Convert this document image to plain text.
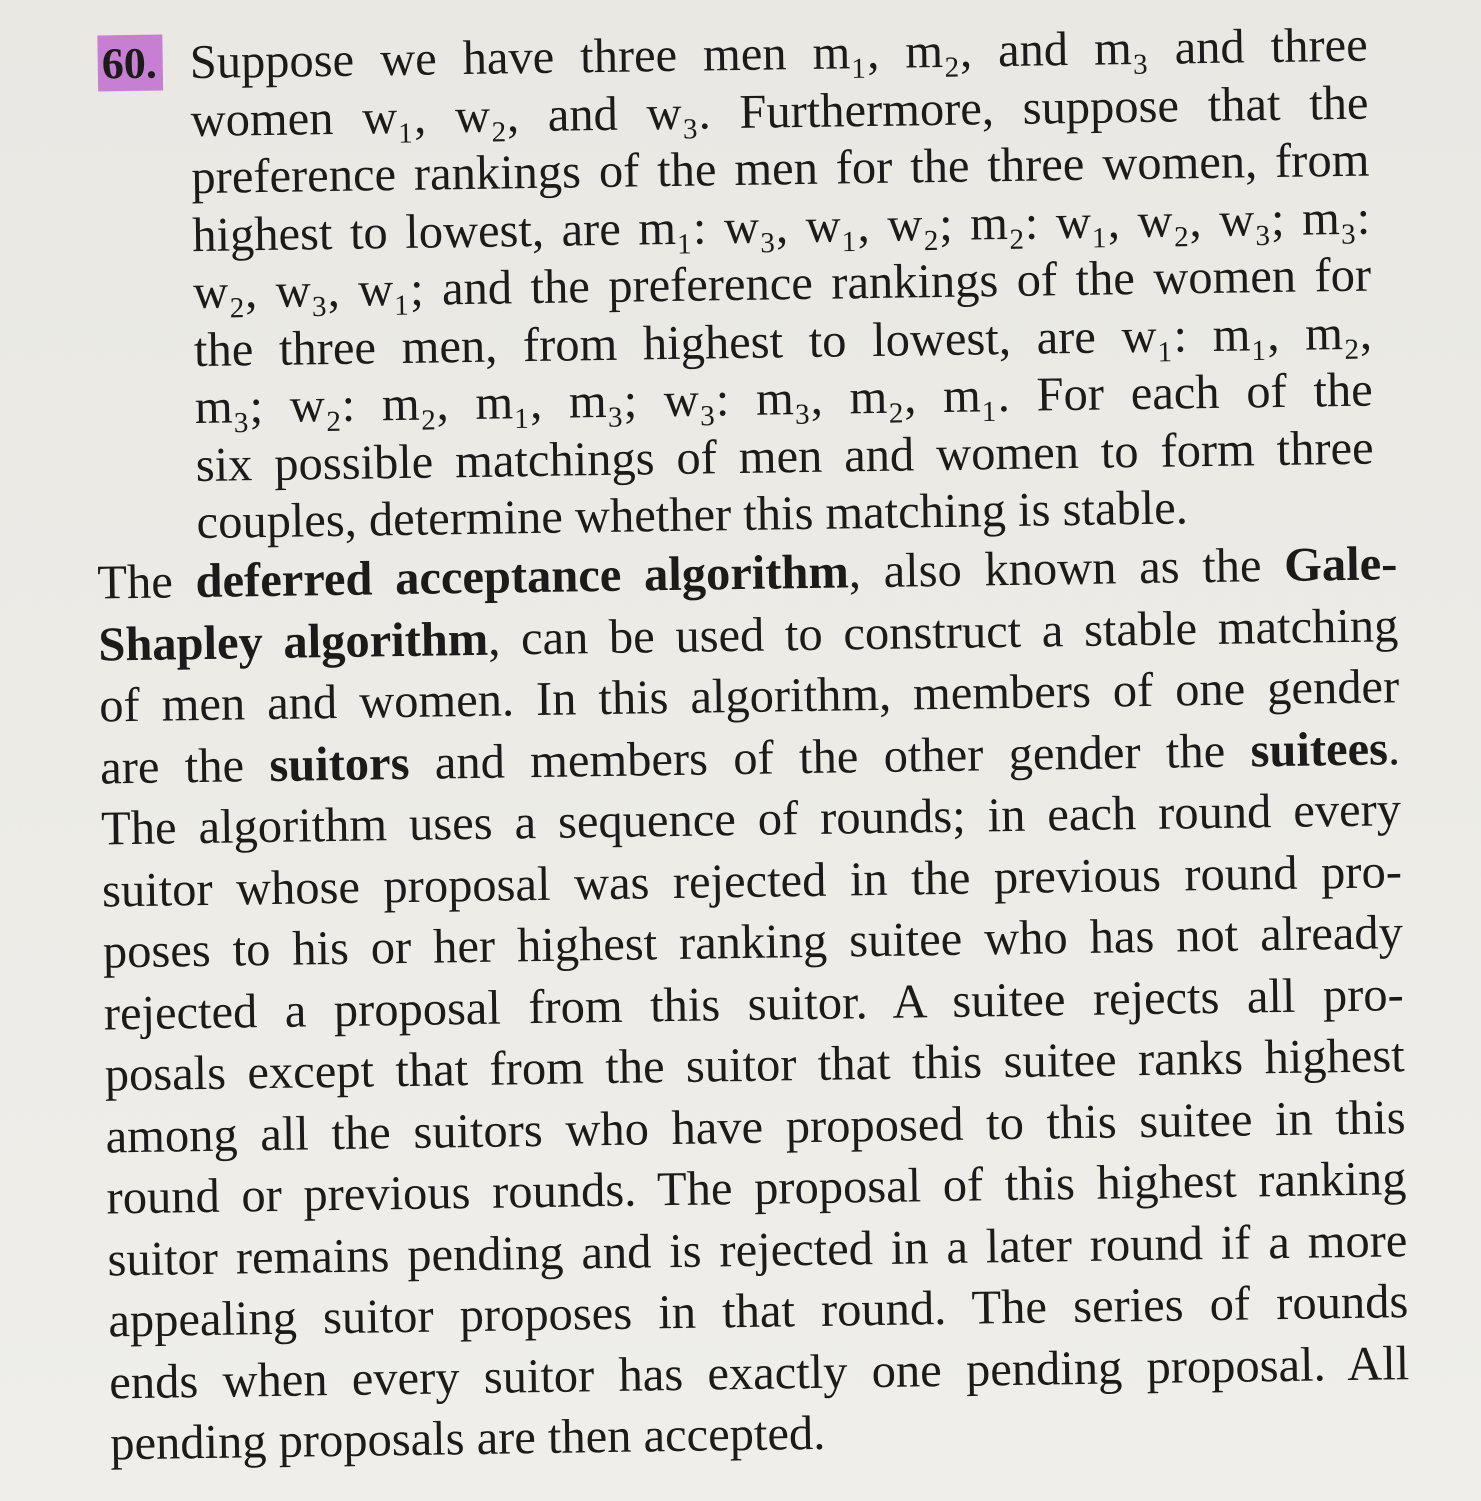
60. Suppose we have three men m₁, m₂, and m₃ and three
women w₁, w₂, and w₃. Furthermore, suppose that the
preference rankings of the men for the three women, from
highest to lowest, are m₁: w₃, w₁, w₂; m₂: w₁, w₂, w₃; m₃:
w₂, w₃, w₁; and the preference rankings of the women for
the three men, from highest to lowest, are w₁: m₁, m₂,
m₃; w₂: m₂, m₁, m₃; w₃: m₃, m₂, m₁. For each of the
six possible matchings of men and women to form three
couples, determine whether this matching is stable.
The deferred acceptance algorithm, also known as the Gale-
Shapley algorithm, can be used to construct a stable matching
of men and women. In this algorithm, members of one gender
are the suitors and members of the other gender the suitees.
The algorithm uses a sequence of rounds; in each round every
suitor whose proposal was rejected in the previous round pro-
poses to his or her highest ranking suitee who has not already
rejected a proposal from this suitor. A suitee rejects all pro-
posals except that from the suitor that this suitee ranks highest
among all the suitors who have proposed to this suitee in this
round or previous rounds. The proposal of this highest ranking
suitor remains pending and is rejected in a later round if a more
appealing suitor proposes in that round. The series of rounds
ends when every suitor has exactly one pending proposal. All
pending proposals are then accepted.
